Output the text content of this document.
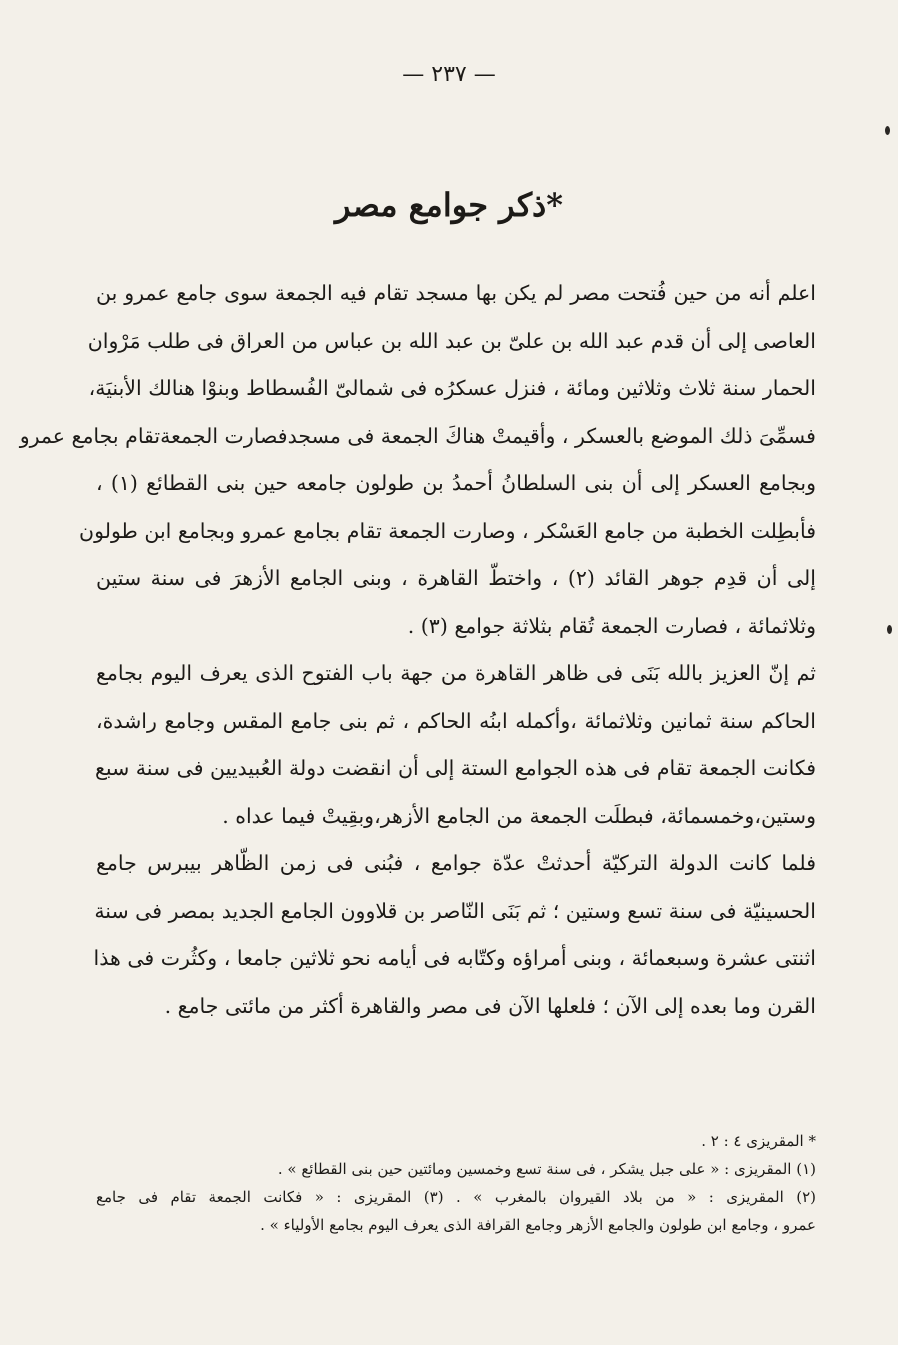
— ٢٣٧ —
ذكر جوامع مصر*
اعلم أنه من حين فُتحت مصر لم يكن بها مسجد تقام فيه الجمعة سوى جامع عمرو بن
العاصى إلى أن قدم عبد الله بن علىّ بن عبد الله بن عباس من العراق فى طلب مَرْوان
الحمار سنة ثلاث وثلاثين ومائة ، فنزل عسكرُه فى شمالىّ الفُسطاط وبنوْا هنالك الأبنيَة،
فسمِّىَ ذلك الموضع بالعسكر ، وأقيمتْ هناكَ الجمعة فى مسجدفصارت الجمعةتقام بجامع عمرو
وبجامع العسكر إلى أن بنى السلطانُ أحمدُ بن طولون جامعه حين بنى القطائع (١) ،
فأبطِلت الخطبة من جامع العَسْكر ، وصارت الجمعة تقام بجامع عمرو وبجامع ابن طولون
إلى أن قدِم جوهر القائد (٢) ، واختطّ القاهرة ، وبنى الجامع الأزهرَ فى سنة ستين
وثلاثمائة ، فصارت الجمعة تُقام بثلاثة جوامع (٣) .
ثم إنّ العزيز بالله بَنَى فى ظاهر القاهرة من جهة باب الفتوح الذى يعرف اليوم بجامع
الحاكم سنة ثمانين وثلاثمائة ،وأكمله ابنُه الحاكم ، ثم بنى جامع المقس وجامع راشدة،
فكانت الجمعة تقام فى هذه الجوامع الستة إلى أن انقضت دولة العُبيديين فى سنة سبع
وستين،وخمسمائة، فبطلَت الجمعة من الجامع الأزهر،وبقِيتْ فيما عداه .
فلما كانت الدولة التركيّة أحدثتْ عدّة جوامع ، فبُنى فى زمن الظّاهر بيبرس جامع
الحسينيّة فى سنة تسع وستين ؛ ثم بَنَى النّاصر بن قلاوون الجامع الجديد بمصر فى سنة
اثنتى عشرة وسبعمائة ، وبنى أمراؤه وكتّابه فى أيامه نحو ثلاثين جامعا ، وكثُرت فى هذا
القرن وما بعده إلى الآن ؛ فلعلها الآن فى مصر والقاهرة أكثر من مائتى جامع .
* المقريزى ٤ : ٢ .
(١) المقريزى : « على جبل يشكر ، فى سنة تسع وخمسين ومائتين حين بنى القطائع » .
(٢) المقريزى : « من بلاد القيروان بالمغرب » . (٣) المقريزى : « فكانت الجمعة تقام فى جامع
عمرو ، وجامع ابن طولون والجامع الأزهر وجامع القرافة الذى يعرف اليوم بجامع الأولياء » .
